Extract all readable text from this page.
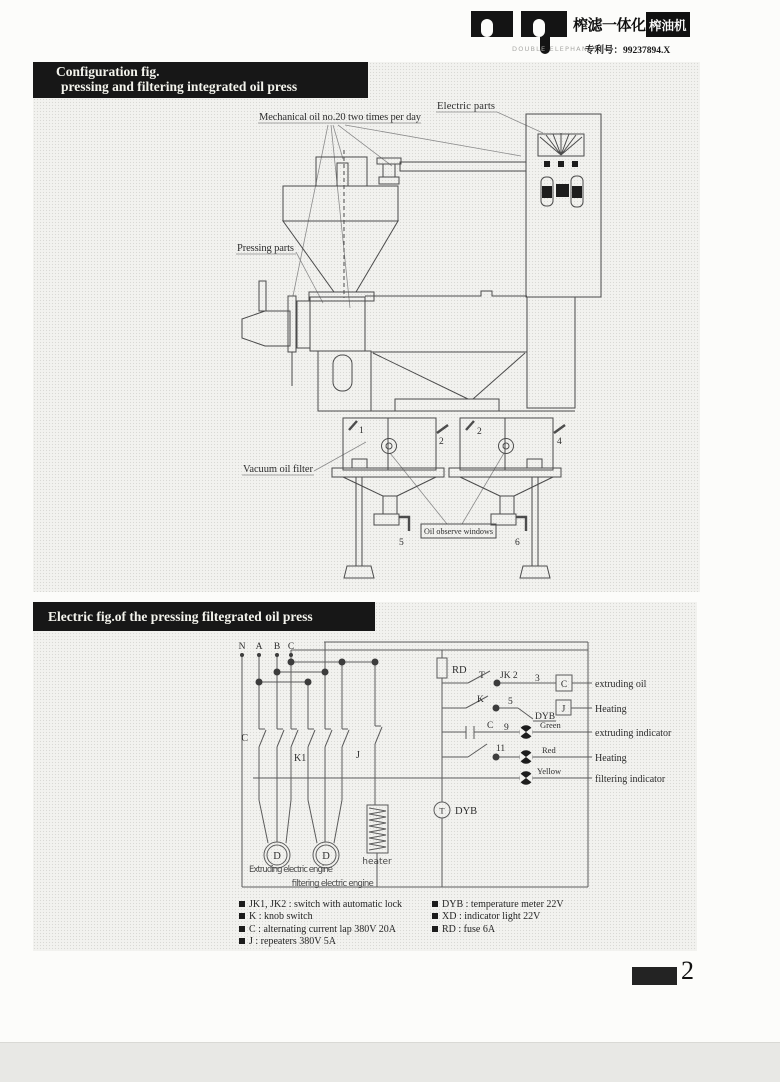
榨滤一体化 榨油机
DOUBLE ELEPHANTS
专利号：99237894.X
Configuration fig.
pressing and filtering integrated oil press
Mechanical oil no.20 two times per day
Electric parts
Pressing parts
Vacuum oil filter
Oil observe windows
1
2
2
4
5	6
Electric fig.of the pressing filtegrated oil press
D	D
N A B C
C
K1	J
RD T JK 2 3
C	extruding oil
K	5
DYB
J	Heating
C 9	Green
extruding indicator
11	Red
Heating
Yellow
filtering indicator
T DYB
heater
Extruding electric engine
filtering electric engine
JK1, JK2 : switch with automatic lock
K : knob switch
C : alternating current lap 380V 20A
J : repeaters 380V 5A
DYB : temperature meter 22V
XD : indicator light 22V
RD : fuse 6A
2
